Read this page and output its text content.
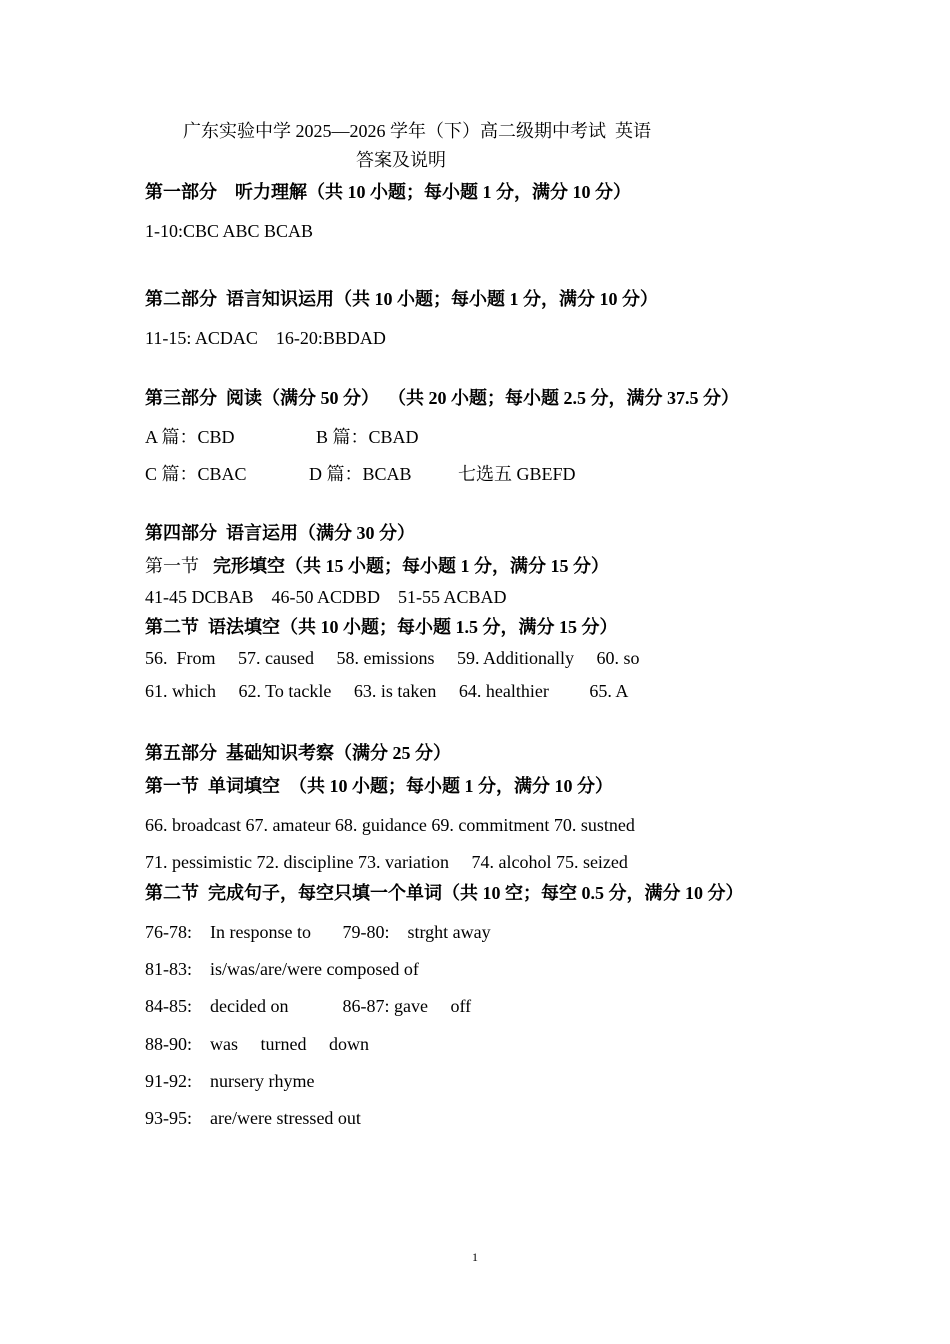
广东实验中学 2025—2026 学年（下）高二级期中考试  英语
答案及说明
第一部分    听力理解（共 10 小题；每小题 1 分，满分 10 分）
1-10:CBC ABC BCAB
第二部分  语言知识运用（共 10 小题；每小题 1 分，满分 10 分）
11-15: ACDAC    16-20:BBDAD
第三部分  阅读（满分 50 分）  （共 20 小题；每小题 2.5 分，满分 37.5 分）
A 篇：CBD	B 篇：CBAD
C 篇：CBAC	D 篇：BCAB	七选五 GBEFD
第四部分  语言运用（满分 30 分）
第一节 完形填空（共 15 小题；每小题 1 分，满分 15 分）
41-45 DCBAB    46-50 ACDBD    51-55 ACBAD
第二节  语法填空（共 10 小题；每小题 1.5 分，满分 15 分）
56.  From     57. caused     58. emissions     59. Additionally     60. so
61. which     62. To tackle     63. is taken     64. healthier         65. A
第五部分  基础知识考察（满分 25 分）
第一节  单词填空  （共 10 小题；每小题 1 分，满分 10 分）
66. broadcast 67. amateur 68. guidance 69. commitment 70. sustned
71. pessimistic 72. discipline 73. variation     74. alcohol 75. seized
第二节  完成句子，每空只填一个单词（共 10 空；每空 0.5 分，满分 10 分）
76-78:    In response to       79-80:    strght away
81-83:    is/was/are/were composed of
84-85:    decided on            86-87: gave     off
88-90:    was     turned     down
91-92:    nursery rhyme
93-95:    are/were stressed out
1
